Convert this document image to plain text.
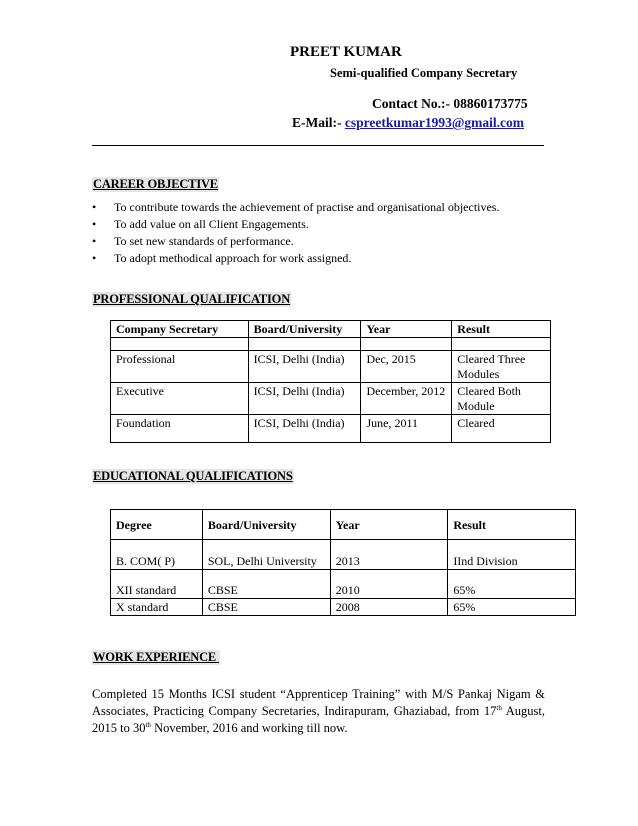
PREET KUMAR
Semi-qualified Company Secretary
Contact No.:- 08860173775
E-Mail:- cspreetkumar1993@gmail.com
CAREER OBJECTIVE
• To contribute towards the achievement of practise and organisational objectives.
• To add value on all Client Engagements.
• To set new standards of performance.
• To adopt methodical approach for work assigned.
PROFESSIONAL QUALIFICATION
Company Secretary	Board/University	Year	Result

Professional	ICSI, Delhi (India)	Dec, 2015	Cleared Three Modules
Executive	ICSI, Delhi (India)	December, 2012	Cleared Both Module
Foundation	ICSI, Delhi (India)	June, 2011	Cleared
EDUCATIONAL QUALIFICATIONS
Degree	Board/University	Year	Result
B. COM( P)	SOL, Delhi University	2013	IInd Division
XII standard	CBSE	2010	65%
X standard	CBSE	2008	65%
WORK EXPERIENCE
Completed 15 Months ICSI student “Apprenticep Training” with M/S Pankaj Nigam & Associates, Practicing Company Secretaries, Indirapuram, Ghaziabad, from 17th August, 2015 to 30th November, 2016 and working till now.
